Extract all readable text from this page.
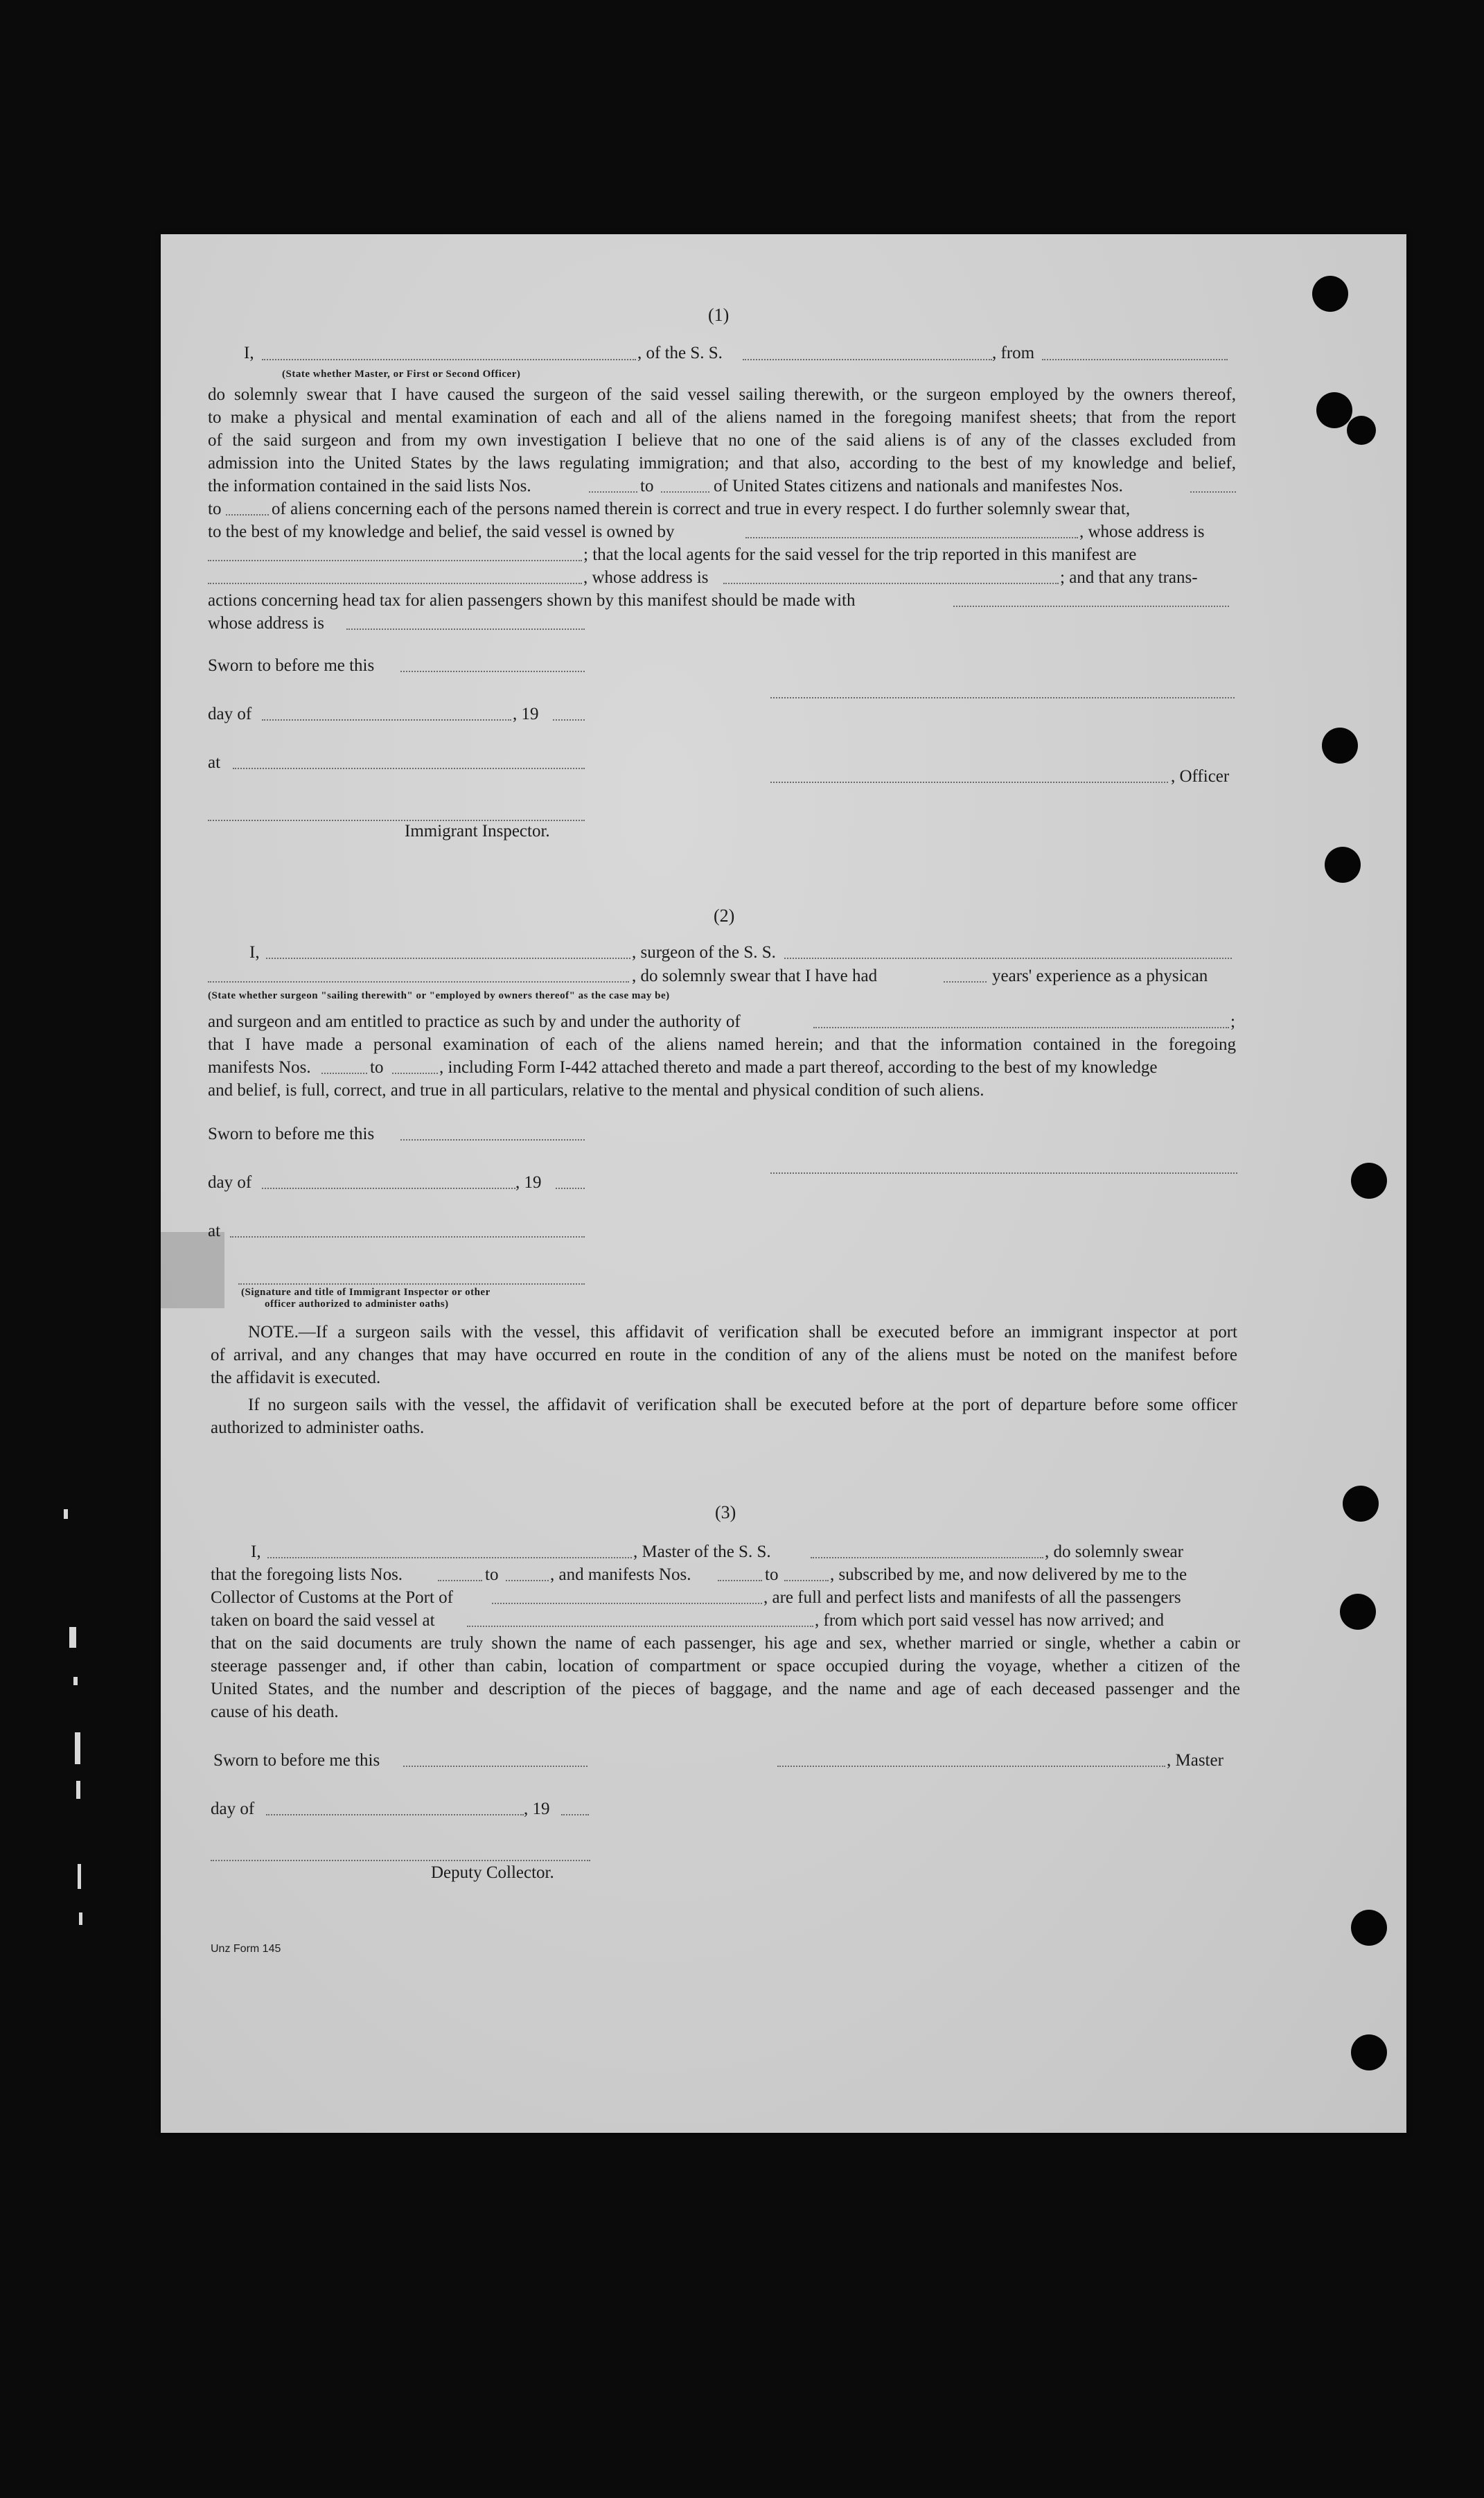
(1)
I,	, of the S. S.	, from
(State whether Master, or First or Second Officer)
do solemnly swear that I have caused the surgeon of the said vessel sailing therewith, or the surgeon employed by the owners thereof,
to make a physical and mental examination of each and all of the aliens named in the foregoing manifest sheets; that from the report
of the said surgeon and from my own investigation I believe that no one of the said aliens is of any of the classes excluded from
admission into the United States by the laws regulating immigration; and that also, according to the best of my knowledge and belief,
the information contained in the said lists Nos.	to	of United States citizens and nationals and manifestes Nos.
to	of aliens concerning each of the persons named therein is correct and true in every respect. I do further solemnly swear that,
to the best of my knowledge and belief, the said vessel is owned by	, whose address is
; that the local agents for the said vessel for the trip reported in this manifest are
, whose address is	; and that any trans-
actions concerning head tax for alien passengers shown by this manifest should be made with
whose address is
Sworn to before me this
day of	, 19
at
, Officer
Immigrant Inspector.
(2)
I,	, surgeon of the S. S.
, do solemnly swear that I have had	years' experience as a physican
(State whether surgeon "sailing therewith" or "employed by owners thereof" as the case may be)
and surgeon and am entitled to practice as such by and under the authority of	;
that I have made a personal examination of each of the aliens named herein; and that the information contained in the foregoing
manifests Nos.	to	, including Form I-442 attached thereto and made a part thereof, according to the best of my knowledge
and belief, is full, correct, and true in all particulars, relative to the mental and physical condition of such aliens.
Sworn to before me this
day of	, 19
at
(Signature and title of Immigrant Inspector or other
officer authorized to administer oaths)
NOTE.—If a surgeon sails with the vessel, this affidavit of verification shall be executed before an immigrant inspector at port
of arrival, and any changes that may have occurred en route in the condition of any of the aliens must be noted on the manifest before
the affidavit is executed.
If no surgeon sails with the vessel, the affidavit of verification shall be executed before at the port of departure before some officer
authorized to administer oaths.
(3)
I,	, Master of the S. S.	, do solemnly swear
that the foregoing lists Nos.	to	, and manifests Nos.	to	, subscribed by me, and now delivered by me to the
Collector of Customs at the Port of	, are full and perfect lists and manifests of all the passengers
taken on board the said vessel at	, from which port said vessel has now arrived; and
that on the said documents are truly shown the name of each passenger, his age and sex, whether married or single, whether a cabin or
steerage passenger and, if other than cabin, location of compartment or space occupied during the voyage, whether a citizen of the
United States, and the number and description of the pieces of baggage, and the name and age of each deceased passenger and the
cause of his death.
Sworn to before me this	, Master
day of	, 19
Deputy Collector.
Unz Form 145
